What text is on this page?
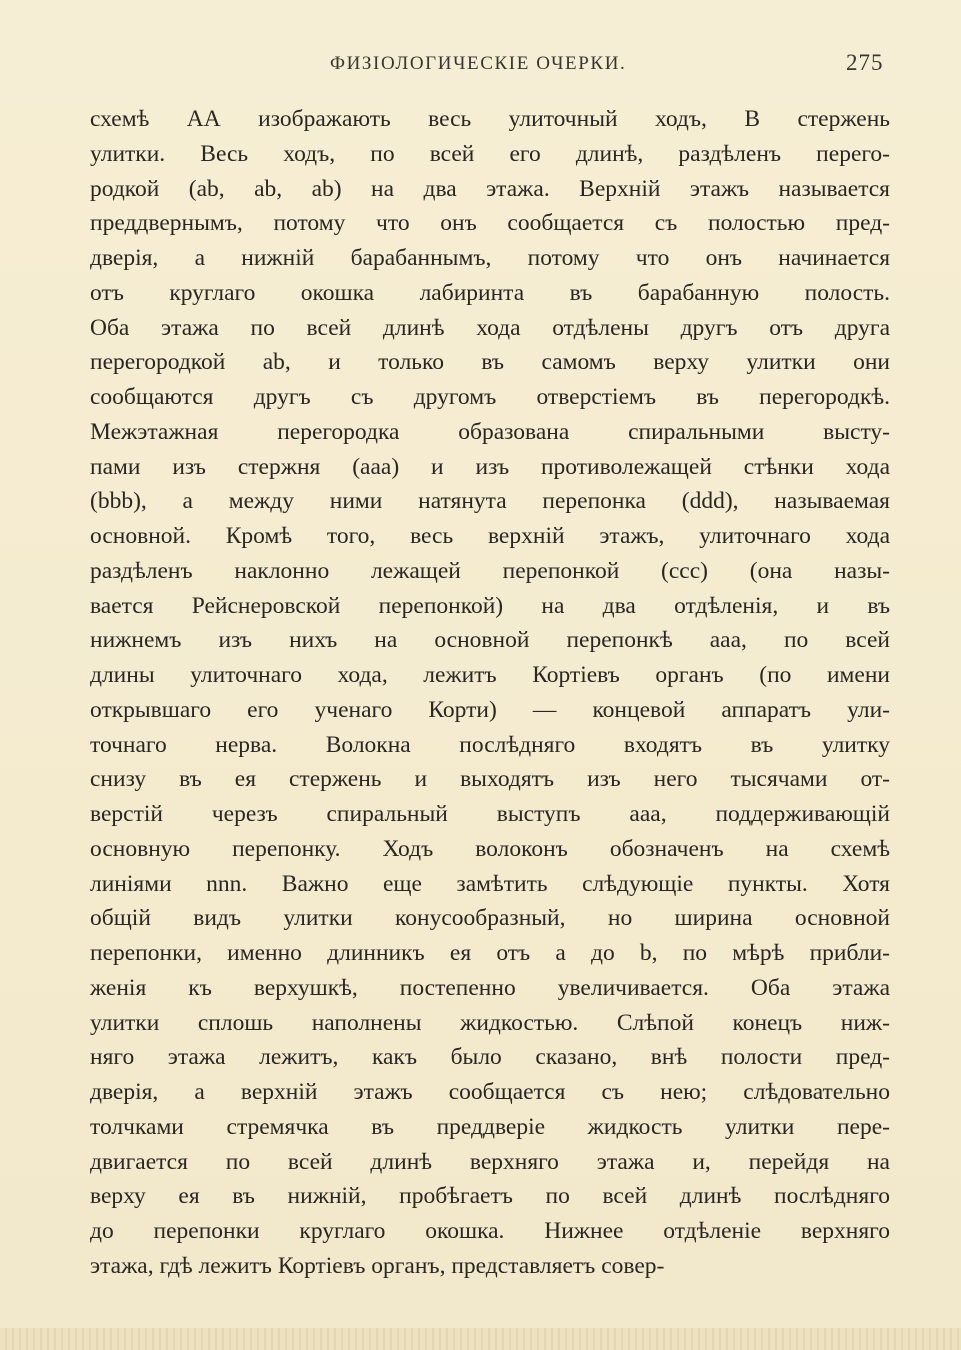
ФИЗІОЛОГИЧЕСКІЕ ОЧЕРКИ.	275
схемѣ АА изображають весь улиточный ходъ, В стержень
улитки. Весь ходъ, по всей его длинѣ, раздѣленъ перего-
родкой (ab, ab, ab) на два этажа. Верхній этажъ называется
преддвернымъ, потому что онъ сообщается съ полостью пред-
дверія, а нижній барабаннымъ, потому что онъ начинается
отъ круглаго окошка лабиринта въ барабанную полость.
Оба этажа по всей длинѣ хода отдѣлены другъ отъ друга
перегородкой ab, и только въ самомъ верху улитки они
сообщаются другъ съ другомъ отверстіемъ въ перегородкѣ.
Межэтажная перегородка образована спиральными высту-
пами изъ стержня (aaa) и изъ противолежащей стѣнки хода
(bbb), а между ними натянута перепонка (ddd), называемая
основной. Кромѣ того, весь верхній этажъ, улиточнаго хода
раздѣленъ наклонно лежащей перепонкой (ccc) (она назы-
вается Рейснеровской перепонкой) на два отдѣленія, и въ
нижнемъ изъ нихъ на основной перепонкѣ aaa, по всей
длины улиточнаго хода, лежитъ Кортіевъ органъ (по имени
открывшаго его ученаго Корти) — концевой аппаратъ ули-
точнаго нерва. Волокна послѣдняго входятъ въ улитку
снизу въ ея стержень и выходятъ изъ него тысячами от-
верстій черезъ спиральный выступъ aaa, поддерживающій
основную перепонку. Ходъ волоконъ обозначенъ на схемѣ
линіями nnn. Важно еще замѣтить слѣдующіе пункты. Хотя
общій видъ улитки конусообразный, но ширина основной
перепонки, именно длинникъ ея отъ a до b, по мѣрѣ прибли-
женія къ верхушкѣ, постепенно увеличивается. Оба этажа
улитки сплошь наполнены жидкостью. Слѣпой конецъ ниж-
няго этажа лежитъ, какъ было сказано, внѣ полости пред-
дверія, а верхній этажъ сообщается съ нею; слѣдовательно
толчками стремячка въ преддверіе жидкость улитки пере-
двигается по всей длинѣ верхняго этажа и, перейдя на
верху ея въ нижній, пробѣгаетъ по всей длинѣ послѣдняго
до перепонки круглаго окошка. Нижнее отдѣленіе верхняго
этажа, гдѣ лежитъ Кортіевъ органъ, представляетъ совер-
